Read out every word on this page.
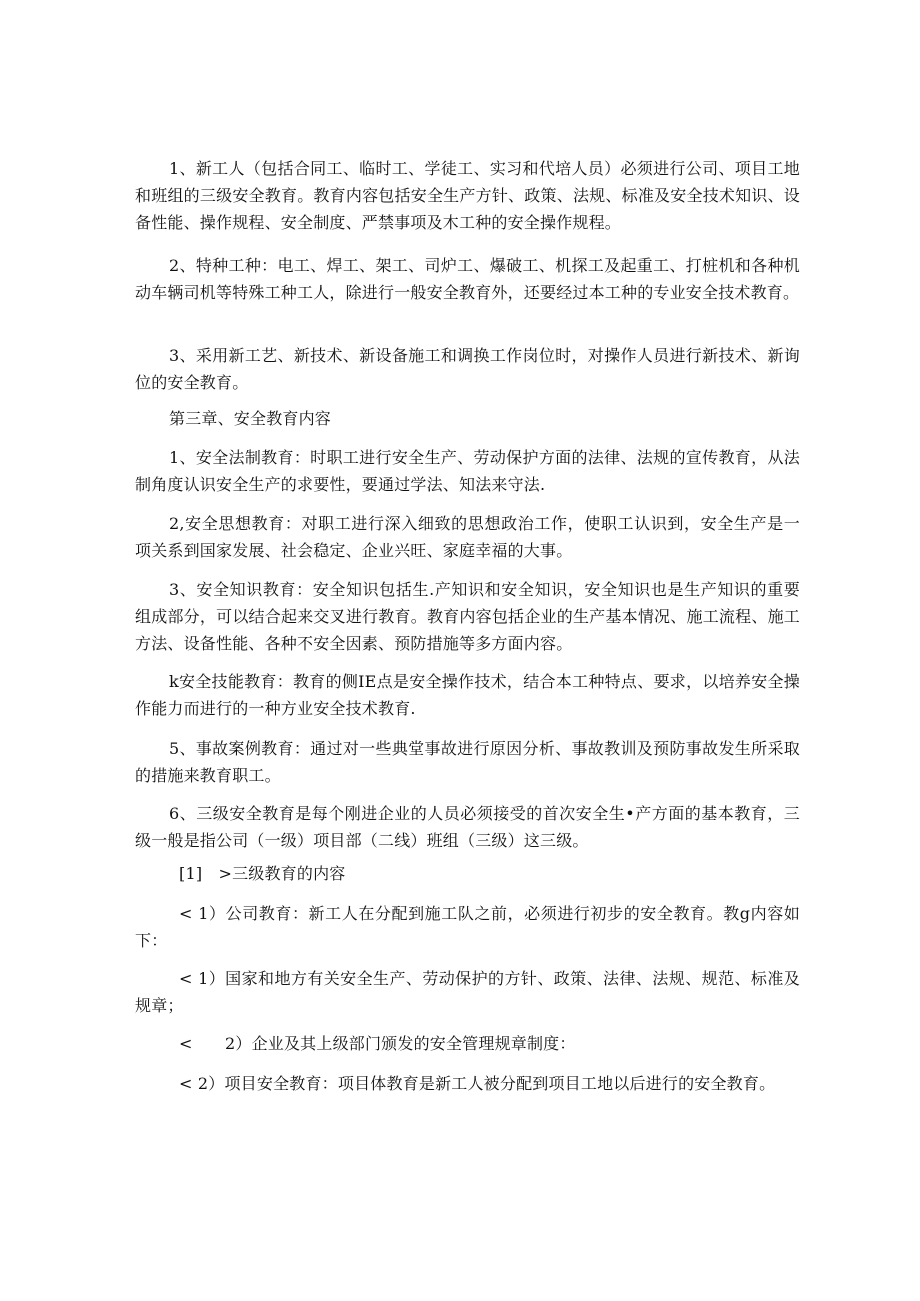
1、新工人（包括合同工、临时工、学徒工、实习和代培人员）必须进行公司、项目工地和班组的三级安全教育。教育内容包括安全生产方针、政策、法规、标准及安全技术知识、设备性能、操作规程、安全制度、严禁事项及木工种的安全操作规程。

2、特种工种：电工、焊工、架工、司炉工、爆破工、机探工及起重工、打桩机和各种机动车辆司机等特殊工种工人，除进行一般安全教育外，还要经过本工种的专业安全技术教育。

3、采用新工艺、新技术、新设备施工和调换工作岗位时，对操作人员进行新技术、新询位的安全教育。

第三章、安全教育内容

1、安全法制教育：时职工进行安全生产、劳动保护方面的法律、法规的宣传教育，从法制角度认识安全生产的求要性，要通过学法、知法来守法.

2,安全思想教育：对职工进行深入细致的思想政治工作，使职工认识到，安全生产是一项关系到国家发展、社会稳定、企业兴旺、家庭幸福的大事。

3、安全知识教育：安全知识包括生.产知识和安全知识，安全知识也是生产知识的重要组成部分，可以结合起来交叉进行教育。教育内容包括企业的生产基本情况、施工流程、施工方法、设备性能、各种不安全因素、预防措施等多方面内容。

k安全技能教育：教育的侧IE点是安全操作技术，结合本工种特点、要求，以培养安全操作能力而进行的一种方业安全技术教育.

5、事故案例教育：通过对一些典堂事故进行原因分析、事故教训及预防事故发生所采取的措施来教育职工。

6、三级安全教育是每个刚进企业的人员必须接受的首次安全生•产方面的基本教育，三级一般是指公司（一级）项目部（二线）班组（三级）这三级。

[1]　>三级教育的内容

< 1）公司教育：新工人在分配到施工队之前，必须进行初步的安全教育。教g内容如下：

< 1）国家和地方有关安全生产、劳动保护的方针、政策、法律、法规、规范、标准及规章；

<　　2）企业及其上级部门颁发的安全管理规章制度：

< 2）项目安全教育：项目体教育是新工人被分配到项目工地以后进行的安全教育。
